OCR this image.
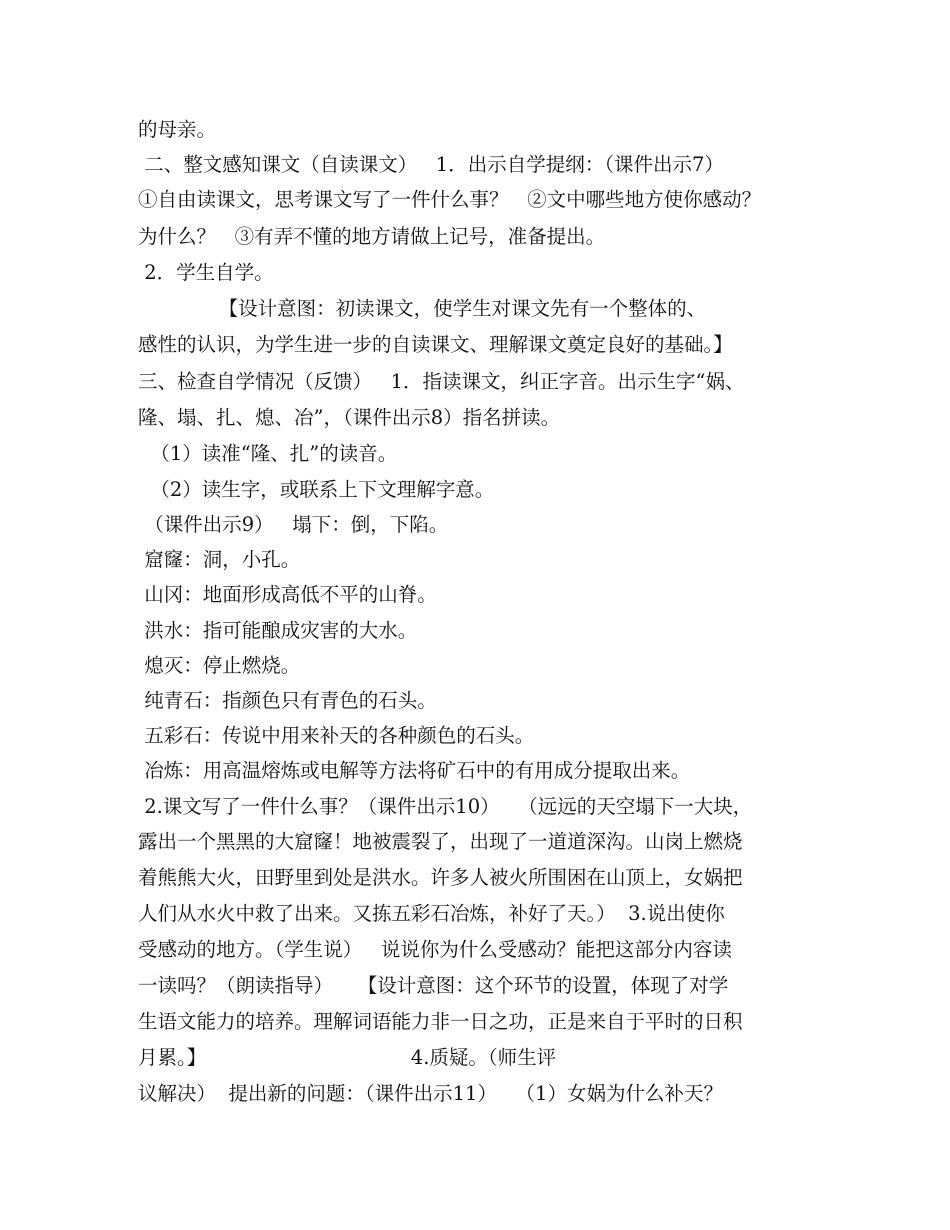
的母亲。
二、整文感知课文（自读课文）   1．出示自学提纲：（课件出示7）
①自由读课文，思考课文写了一件什么事？   ②文中哪些地方使你感动？
为什么？   ③有弄不懂的地方请做上记号，准备提出。
2．学生自学。
【设计意图：初读课文，使学生对课文先有一个整体的、
感性的认识，为学生进一步的自读课文、理解课文奠定良好的基础。】
三、检查自学情况（反馈）   1．指读课文，纠正字音。出示生字“娲、
隆、塌、扎、熄、冶”，（课件出示8）指名拼读。
（1）读准“隆、扎”的读音。
（2）读生字，或联系上下文理解字意。
（课件出示9）   塌下：倒，下陷。
窟窿：洞，小孔。
山冈：地面形成高低不平的山脊。
洪水：指可能酿成灾害的大水。
熄灭：停止燃烧。
纯青石：指颜色只有青色的石头。
五彩石：传说中用来补天的各种颜色的石头。
冶炼：用高温熔炼或电解等方法将矿石中的有用成分提取出来。
2.课文写了一件什么事？（课件出示10）   （远远的天空塌下一大块，
露出一个黑黑的大窟窿！地被震裂了，出现了一道道深沟。山岗上燃烧
着熊熊大火，田野里到处是洪水。许多人被火所围困在山顶上，女娲把
人们从水火中救了出来。又拣五彩石冶炼，补好了天。）  3.说出使你
受感动的地方。（学生说）   说说你为什么受感动？能把这部分内容读
一读吗？（朗读指导）    【设计意图：这个环节的设置，体现了对学
生语文能力的培养。理解词语能力非一日之功，正是来自于平时的日积
月累。】                                 4.质疑。（师生评
议解决）  提出新的问题：（课件出示11）   （1）女娲为什么补天？
